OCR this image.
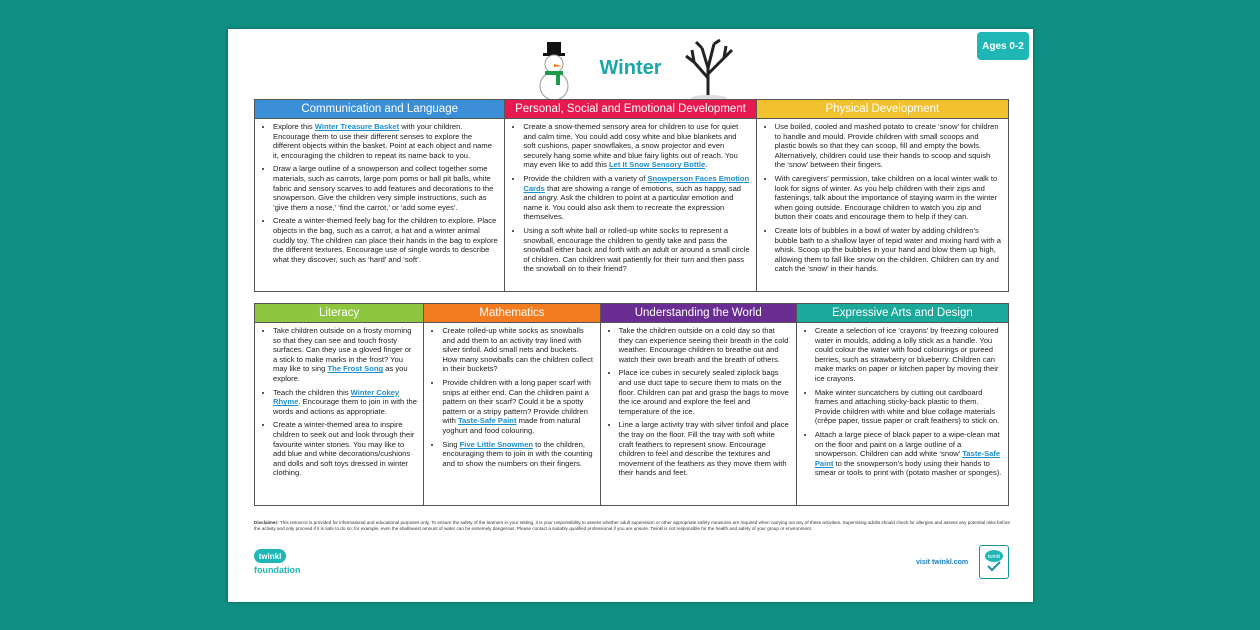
Winter
Ages 0-2
Communication and Language
• Explore this Winter Treasure Basket with your children. Encourage them to use their different senses to explore the different objects within the basket. Point at each object and name it, encouraging the children to repeat its name back to you.
• Draw a large outline of a snowperson and collect together some materials, such as carrots, large pom poms or ball pit balls, white fabric and sensory scarves to add features and decorations to the snowperson. Give the children very simple instructions, such as ‘give them a nose,’ ‘find the carrot,’ or ‘add some eyes’.
• Create a winter-themed feely bag for the children to explore. Place objects in the bag, such as a carrot, a hat and a winter animal cuddly toy. The children can place their hands in the bag to explore the different textures. Encourage use of single words to describe what they discover, such as ‘hard’ and ‘soft’.
Personal, Social and Emotional Development
• Create a snow-themed sensory area for children to use for quiet and calm time. You could add cosy white and blue blankets and soft cushions, paper snowflakes, a snow projector and even securely hang some white and blue fairy lights out of reach. You may even like to add this Let It Snow Sensory Bottle.
• Provide the children with a variety of Snowperson Faces Emotion Cards that are showing a range of emotions, such as happy, sad and angry. Ask the children to point at a particular emotion and name it. You could also ask them to recreate the expression themselves.
• Using a soft white ball or rolled-up white socks to represent a snowball, encourage the children to gently take and pass the snowball either back and forth with an adult or around a small circle of children. Can children wait patiently for their turn and then pass the snowball on to their friend?
Physical Development
• Use boiled, cooled and mashed potato to create ‘snow’ for children to handle and mould. Provide children with small scoops and plastic bowls so that they can scoop, fill and empty the bowls. Alternatively, children could use their hands to scoop and squish the ‘snow’ between their fingers.
• With caregivers’ permission, take children on a local winter walk to look for signs of winter. As you help children with their zips and fastenings, talk about the importance of staying warm in the winter when going outside. Encourage children to watch you zip and button their coats and encourage them to help if they can.
• Create lots of bubbles in a bowl of water by adding children’s bubble bath to a shallow layer of tepid water and mixing hard with a whisk. Scoop up the bubbles in your hand and blow them up high, allowing them to fall like snow on the children. Children can try and catch the ‘snow’ in their hands.
Literacy
• Take children outside on a frosty morning so that they can see and touch frosty surfaces. Can they use a gloved finger or a stick to make marks in the frost? You may like to sing The Frost Song as you explore.
• Teach the children this Winter Cokey Rhyme. Encourage them to join in with the words and actions as appropriate.
• Create a winter-themed area to inspire children to seek out and look through their favourite winter stories. You may like to add blue and white decorations/cushions and dolls and soft toys dressed in winter clothing.
Mathematics
• Create rolled-up white socks as snowballs and add them to an activity tray lined with silver tinfoil. Add small nets and buckets. How many snowballs can the children collect in their buckets?
• Provide children with a long paper scarf with snips at either end. Can the children paint a pattern on their scarf? Could it be a spotty pattern or a stripy pattern? Provide children with Taste-Safe Paint made from natural yoghurt and food colouring.
• Sing Five Little Snowmen to the children, encouraging them to join in with the counting and to show the numbers on their fingers.
Understanding the World
• Take the children outside on a cold day so that they can experience seeing their breath in the cold weather. Encourage children to breathe out and watch their own breath and the breath of others.
• Place ice cubes in securely sealed ziplock bags and use duct tape to secure them to mats on the floor. Children can pat and grasp the bags to move the ice around and explore the feel and temperature of the ice.
• Line a large activity tray with silver tinfoil and place the tray on the floor. Fill the tray with soft white craft feathers to represent snow. Encourage children to feel and describe the textures and movement of the feathers as they move them with their hands and feet.
Expressive Arts and Design
• Create a selection of ice ‘crayons’ by freezing coloured water in moulds, adding a lolly stick as a handle. You could colour the water with food colourings or pureed berries, such as strawberry or blueberry. Children can make marks on paper or kitchen paper by moving their ice crayons.
• Make winter suncatchers by cutting out cardboard frames and attaching sticky-back plastic to them. Provide children with white and blue collage materials (crêpe paper, tissue paper or craft feathers) to stick on.
• Attach a large piece of black paper to a wipe-clean mat on the floor and paint on a large outline of a snowperson. Children can add white ‘snow’ Taste-Safe Paint to the snowperson’s body using their hands to smear or tools to print with (potato masher or sponges).
Disclaimer: This resource is provided for informational and educational purposes only. To ensure the safety of the learners in your setting, it is your responsibility to assess whether adult supervision or other appropriate safety measures are required when carrying out any of these activities. Supervising adults should check for allergies and assess any potential risks before the activity and only proceed if it is safe to do so; for example, even the shallowest amount of water can be extremely dangerous. Please contact a suitably qualified professional if you are unsure. Twinkl is not responsible for the health and safety of your group or environment.
twinkl
foundation
visit twinkl.com
twinkl
